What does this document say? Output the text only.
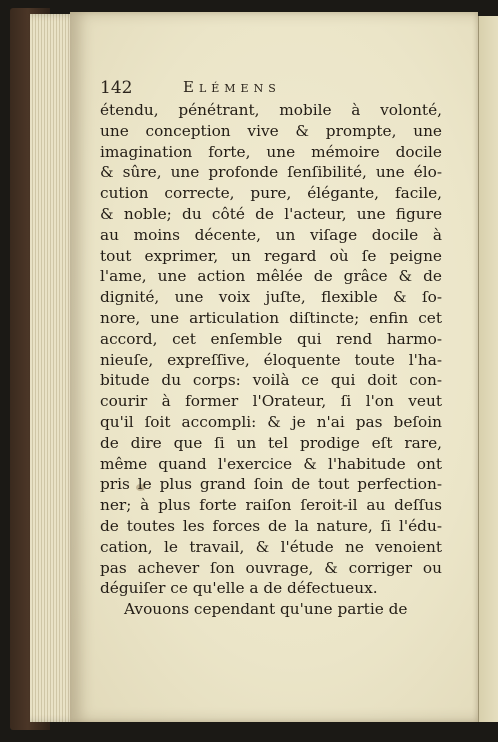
142	Elémens
étendu, pénétrant, mobile à volonté,
une conception vive & prompte, une
imagination forte, une mémoire docile
& sûre, une profonde ſenſibilité, une élo-
cution correcte, pure, élégante, facile,
& noble; du côté de l'acteur, une figure
au moins décente, un viſage docile à
tout exprimer, un regard où ſe peigne
l'ame, une action mêlée de grâce & de
dignité, une voix juſte, flexible & ſo-
nore, une articulation diſtincte; enfin cet
accord, cet enſemble qui rend harmo-
nieuſe, expreſſive, éloquente toute l'ha-
bitude du corps: voilà ce qui doit con-
courir à former l'Orateur, ſi l'on veut
qu'il ſoit accompli: & je n'ai pas beſoin
de dire que ſi un tel prodige eſt rare,
même quand l'exercice & l'habitude ont
pris le plus grand ſoin de tout perfection-
ner; à plus forte raiſon ſeroit-il au deſſus
de toutes les forces de la nature, ſi l'édu-
cation, le travail, & l'étude ne venoient
pas achever ſon ouvrage, & corriger ou
déguiſer ce qu'elle a de défectueux.
Avouons cependant qu'une partie de
